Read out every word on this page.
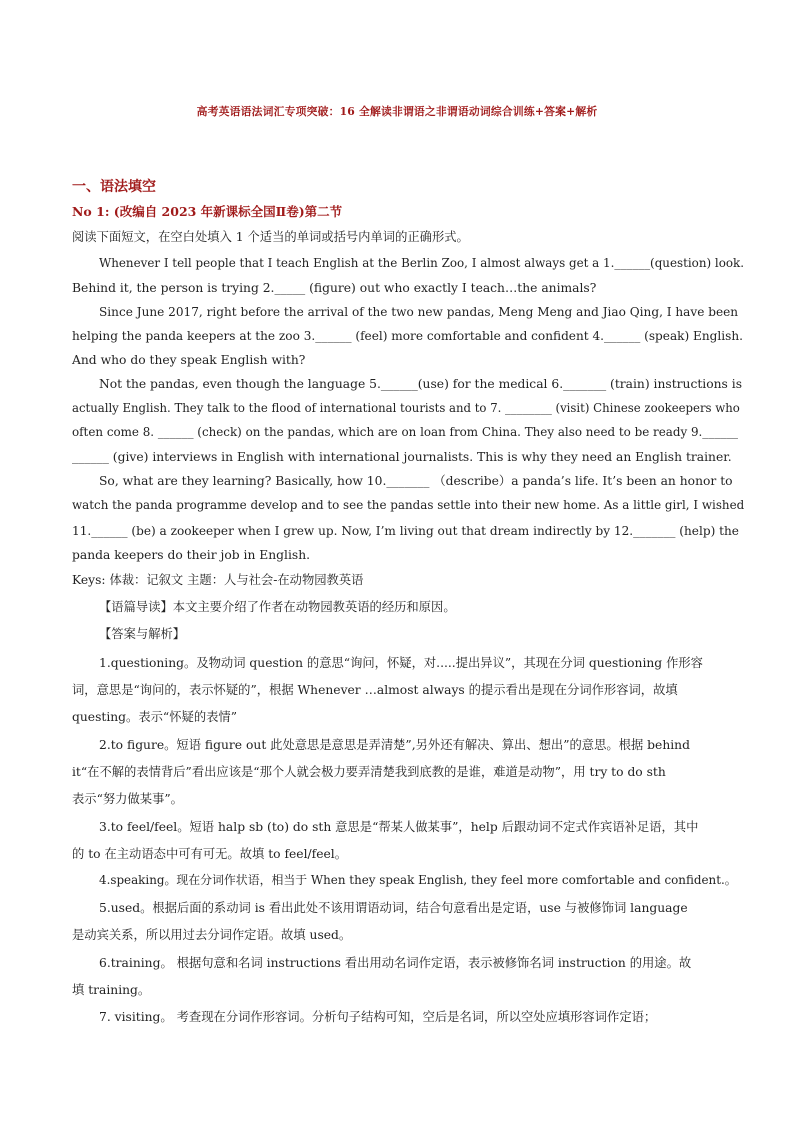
高考英语语法词汇专项突破：16 全解读非谓语之非谓语动词综合训练+答案+解析
一、语法填空
No 1: (改编自 2023 年新课标全国Ⅱ卷)第二节
阅读下面短文，在空白处填入 1 个适当的单词或括号内单词的正确形式。
Whenever I tell people that I teach English at the Berlin Zoo, I almost always get a 1.______(question) look.
Behind it, the person is trying 2._____ (figure) out who exactly I teach…the animals?
Since June 2017, right before the arrival of the two new pandas, Meng Meng and Jiao Qing, I have been
helping the panda keepers at the zoo 3.______ (feel) more comfortable and confident 4.______ (speak) English.
And who do they speak English with?
Not the pandas, even though the language 5.______(use) for the medical 6._______ (train) instructions is
actually English. They talk to the flood of international tourists and to 7. ________ (visit) Chinese zookeepers who
often come 8. ______ (check) on the pandas, which are on loan from China. They also need to be ready 9.______
______ (give) interviews in English with international journalists. This is why they need an English trainer.
So, what are they learning? Basically, how 10._______ （describe）a panda’s life. It’s been an honor to
watch the panda programme develop and to see the pandas settle into their new home. As a little girl, I wished
11.______ (be) a zookeeper when I grew up. Now, I’m living out that dream indirectly by 12._______ (help) the
panda keepers do their job in English.
Keys: 体裁：记叙文 主题：人与社会-在动物园教英语
【语篇导读】本文主要介绍了作者在动物园教英语的经历和原因。
【答案与解析】
1.questioning。及物动词 question 的意思“询问，怀疑，对.....提出异议”，其现在分词 questioning 作形容
词，意思是“询问的，表示怀疑的”，根据 Whenever …almost always 的提示看出是现在分词作形容词，故填
questing。表示“怀疑的表情”
2.to figure。短语 figure out 此处意思是意思是弄清楚”,另外还有解决、算出、想出”的意思。根据 behind
it“在不解的表情背后”看出应该是“那个人就会极力要弄清楚我到底教的是谁，难道是动物”，用 try to do sth
表示“努力做某事”。
3.to feel/feel。短语 halp sb (to) do sth 意思是“帮某人做某事”，help 后跟动词不定式作宾语补足语，其中
的 to 在主动语态中可有可无。故填 to feel/feel。
4.speaking。现在分词作状语，相当于 When they speak English, they feel more comfortable and confident.。
5.used。根据后面的系动词 is 看出此处不该用谓语动词，结合句意看出是定语，use 与被修饰词 language
是动宾关系，所以用过去分词作定语。故填 used。
6.training。 根据句意和名词 instructions 看出用动名词作定语，表示被修饰名词 instruction 的用途。故
填 training。
7. visiting。 考查现在分词作形容词。分析句子结构可知，空后是名词，所以空处应填形容词作定语；
